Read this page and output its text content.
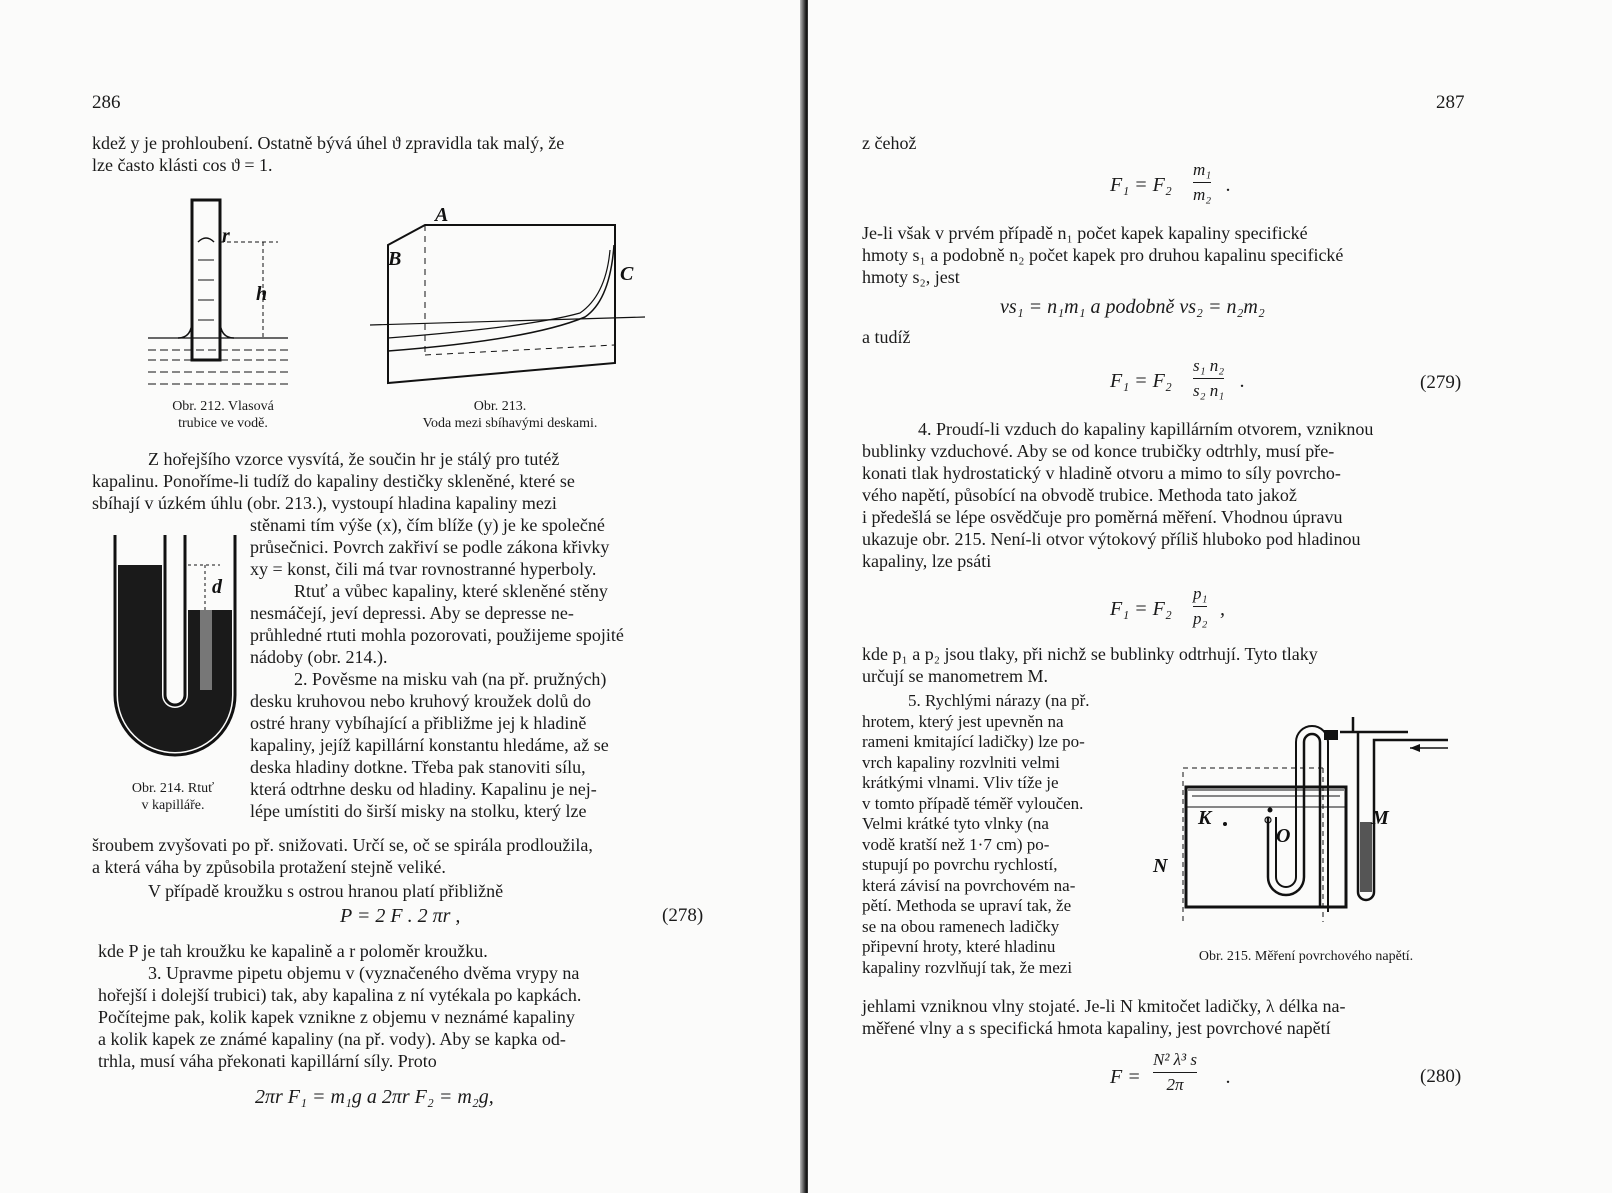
286
kdež y je prohloubení. Ostatně bývá úhel ϑ zpravidla tak malý, že
lze často klásti cos ϑ = 1.
r
h
Obr. 212. Vlasová
trubice ve vodě.
A
B
C
Obr. 213.
Voda mezi sbíhavými deskami.
Z hořejšího vzorce vysvítá, že součin hr je stálý pro tutéž
kapalinu. Ponoříme-li tudíž do kapaliny destičky skleněné, které se
sbíhají v úzkém úhlu (obr. 213.), vystoupí hladina kapaliny mezi
d
Obr. 214. Rtuť
v kapilláře.
stěnami tím výše (x), čím blíže (y) je ke společné
průsečnici. Povrch zakřiví se podle zákona křivky
xy = konst, čili má tvar rovnostranné hyperboly.
Rtuť a vůbec kapaliny, které skleněné stěny
nesmáčejí, jeví depressi. Aby se depresse ne-
průhledné rtuti mohla pozorovati, použijeme spojité
nádoby (obr. 214.).
2. Pověsme na misku vah (na př. pružných)
desku kruhovou nebo kruhový kroužek dolů do
ostré hrany vybíhající a přibližme jej k hladině
kapaliny, jejíž kapillární konstantu hledáme, až se
deska hladiny dotkne. Třeba pak stanoviti sílu,
která odtrhne desku od hladiny. Kapalinu je nej-
lépe umístiti do širší misky na stolku, který lze
šroubem zvyšovati po př. snižovati. Určí se, oč se spirála prodloužila,
a která váha by způsobila protažení stejně veliké.
V případě kroužku s ostrou hranou platí přibližně
P = 2 F . 2 πr ,	(278)
kde P je tah kroužku ke kapalině a r poloměr kroužku.
3. Upravme pipetu objemu v (vyznačeného dvěma vrypy na
hořejší i dolejší trubici) tak, aby kapalina z ní vytékala po kapkách.
Počítejme pak, kolik kapek vznikne z objemu v neznámé kapaliny
a kolik kapek ze známé kapaliny (na př. vody). Aby se kapka od-
trhla, musí váha překonati kapillární síly. Proto
2πr F₁ = m₁g a 2πr F₂ = m₂g,
287
z čehož
F₁ = F₂
m₁
m₂ .
Je-li však v prvém případě n₁ počet kapek kapaliny specifické
hmoty s₁ a podobně n₂ počet kapek pro druhou kapalinu specifické
hmoty s₂, jest
vs₁ = n₁m₁ a podobně vs₂ = n₂m₂
a tudíž
F₁ = F₂
s₁ n₂
s₂ n₁ .	(279)
4. Proudí-li vzduch do kapaliny kapillárním otvorem, vzniknou
bublinky vzduchové. Aby se od konce trubičky odtrhly, musí pře-
konati tlak hydrostatický v hladině otvoru a mimo to síly povrcho-
vého napětí, působící na obvodě trubice. Methoda tato jakož
i předešlá se lépe osvědčuje pro poměrná měření. Vhodnou úpravu
ukazuje obr. 215. Není-li otvor výtokový příliš hluboko pod hladinou
kapaliny, lze psáti
F₁ = F₂
p₁
p₂ ,
kde p₁ a p₂ jsou tlaky, při nichž se bublinky odtrhují. Tyto tlaky
určují se manometrem M.
5. Rychlými nárazy (na př.
hrotem, který jest upevněn na
rameni kmitající ladičky) lze po-
vrch kapaliny rozvlniti velmi
krátkými vlnami. Vliv tíže je
v tomto případě téměř vyloučen.
Velmi krátké tyto vlnky (na
vodě kratší než 1·7 cm) po-
stupují po povrchu rychlostí,
která závisí na povrchovém na-
pětí. Methoda se upraví tak, že
se na obou ramenech ladičky
připevní hroty, které hladinu
kapaliny rozvlňují tak, že mezi
K
O
M
N
Obr. 215. Měření povrchového napětí.
jehlami vzniknou vlny stojaté. Je-li N kmitočet ladičky, λ délka na-
měřené vlny a s specifická hmota kapaliny, jest povrchové napětí
F =
N² λ³ s
2π .	(280)
